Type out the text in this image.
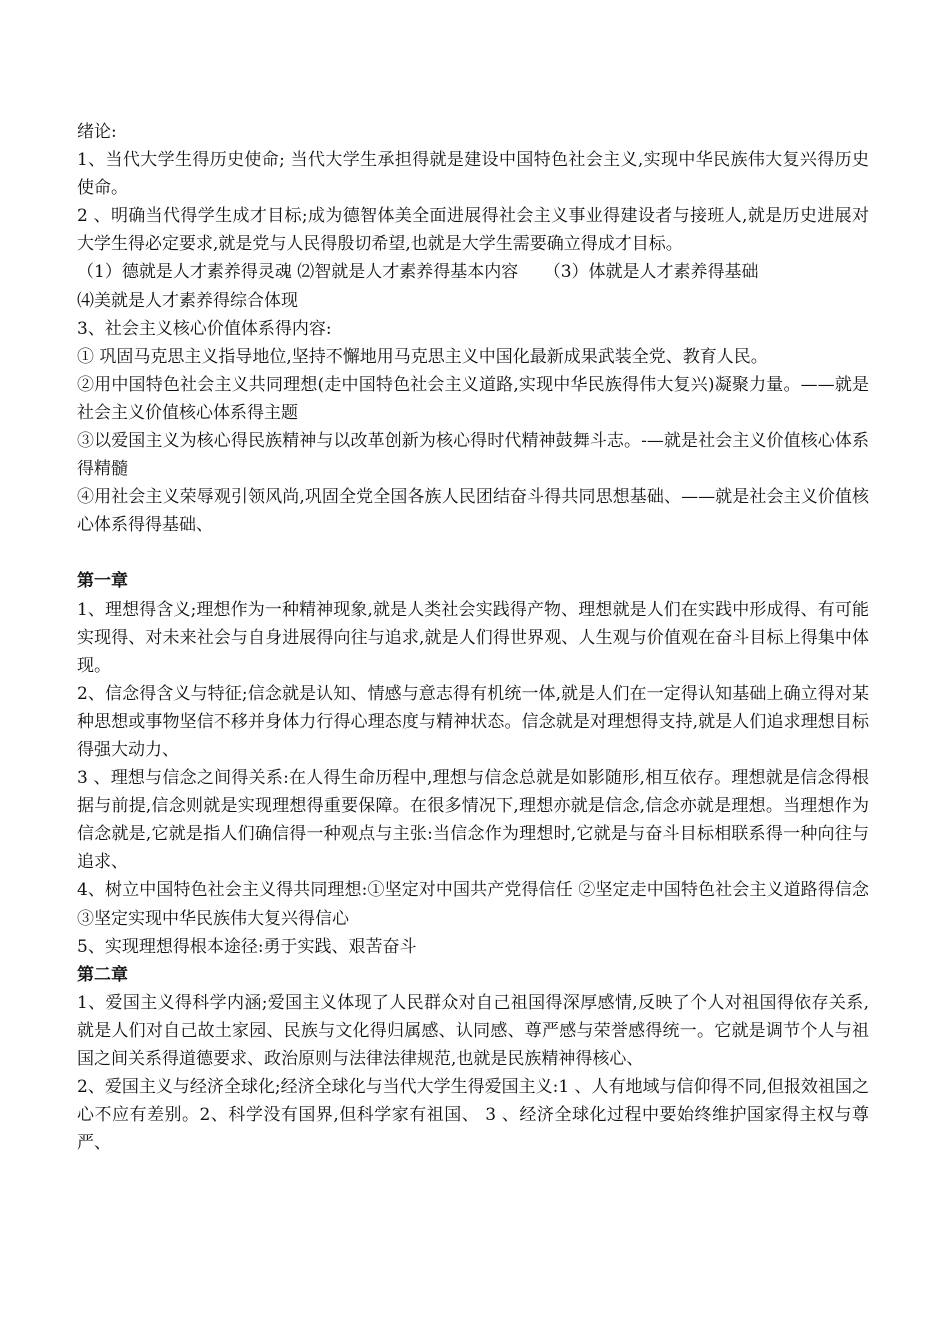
绪论:

1、当代大学生得历史使命; 当代大学生承担得就是建设中国特色社会主义,实现中华民族伟大复兴得历史使命。

2 、明确当代得学生成才目标;成为德智体美全面进展得社会主义事业得建设者与接班人,就是历史进展对大学生得必定要求,就是党与人民得殷切希望,也就是大学生需要确立得成才目标。

（1）德就是人才素养得灵魂 ⑵智就是人才素养得基本内容　　（3）体就是人才素养得基础

⑷美就是人才素养得综合体现

3、社会主义核心价值体系得内容:

① 巩固马克思主义指导地位,坚持不懈地用马克思主义中国化最新成果武装全党、教育人民。

②用中国特色社会主义共同理想(走中国特色社会主义道路,实现中华民族得伟大复兴)凝聚力量。——就是社会主义价值核心体系得主题

③以爱国主义为核心得民族精神与以改革创新为核心得时代精神鼓舞斗志。-—就是社会主义价值核心体系得精髓

④用社会主义荣辱观引领风尚,巩固全党全国各族人民团结奋斗得共同思想基础、——就是社会主义价值核心体系得得基础、

第一章

1、理想得含义;理想作为一种精神现象,就是人类社会实践得产物、理想就是人们在实践中形成得、有可能实现得、对未来社会与自身进展得向往与追求,就是人们得世界观、人生观与价值观在奋斗目标上得集中体现。

2、信念得含义与特征;信念就是认知、情感与意志得有机统一体,就是人们在一定得认知基础上确立得对某种思想或事物坚信不移并身体力行得心理态度与精神状态。信念就是对理想得支持,就是人们追求理想目标得强大动力、

3 、理想与信念之间得关系:在人得生命历程中,理想与信念总就是如影随形,相互依存。理想就是信念得根据与前提,信念则就是实现理想得重要保障。在很多情况下,理想亦就是信念,信念亦就是理想。当理想作为信念就是,它就是指人们确信得一种观点与主张:当信念作为理想时,它就是与奋斗目标相联系得一种向往与追求、

4、树立中国特色社会主义得共同理想:①坚定对中国共产党得信任 ②坚定走中国特色社会主义道路得信念 ③坚定实现中华民族伟大复兴得信心

5、实现理想得根本途径:勇于实践、艰苦奋斗

第二章

1、爱国主义得科学内涵;爱国主义体现了人民群众对自己祖国得深厚感情,反映了个人对祖国得依存关系,就是人们对自己故土家园、民族与文化得归属感、认同感、尊严感与荣誉感得统一。它就是调节个人与祖国之间关系得道德要求、政治原则与法律法律规范,也就是民族精神得核心、

2、爱国主义与经济全球化;经济全球化与当代大学生得爱国主义:1 、人有地域与信仰得不同,但报效祖国之心不应有差别。2、科学没有国界,但科学家有祖国、 3 、经济全球化过程中要始终维护国家得主权与尊严、
